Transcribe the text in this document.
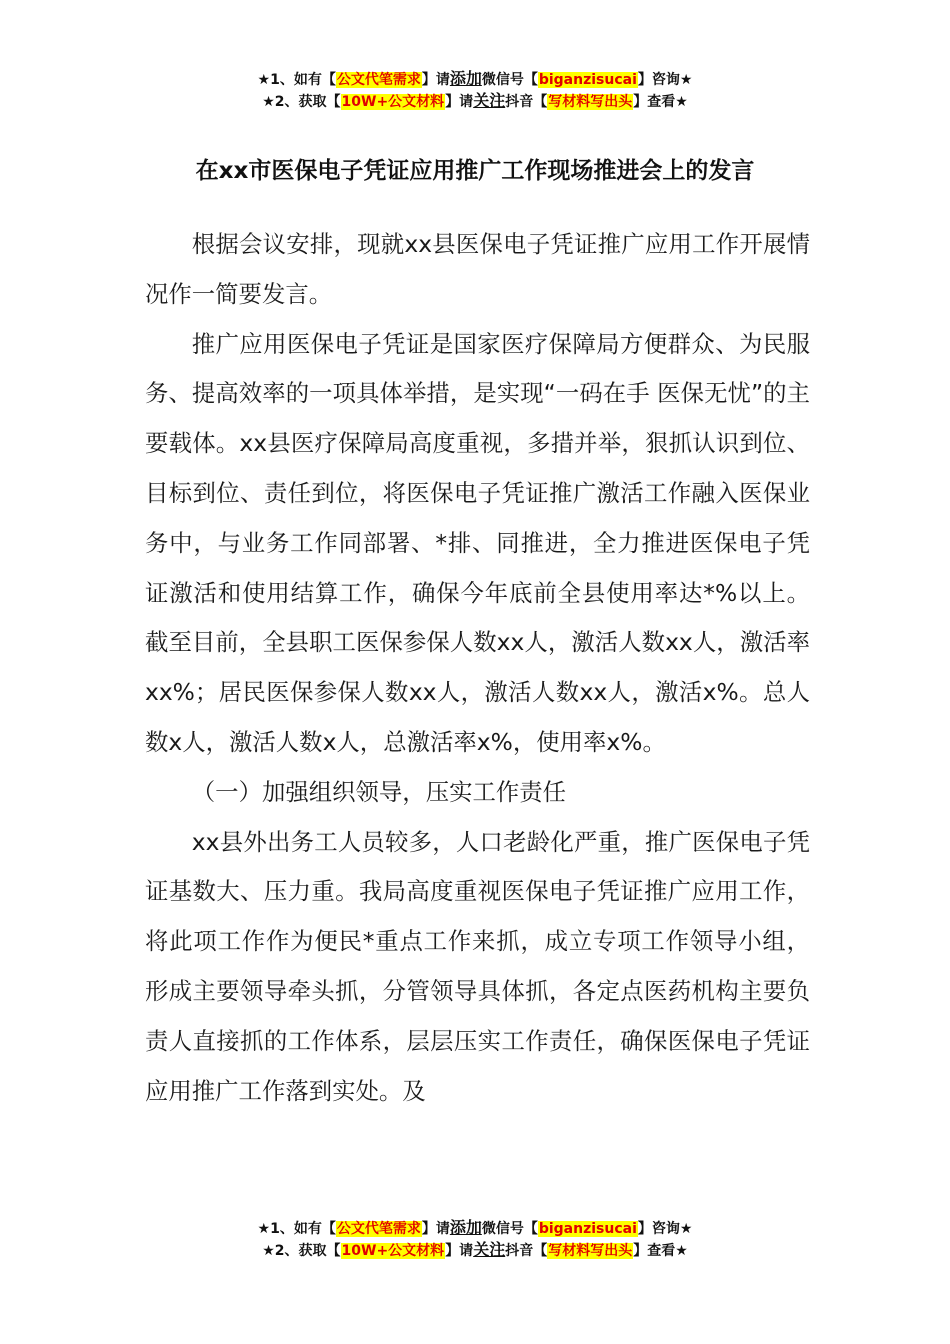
★1、如有【公文代笔需求】请添加微信号【biganzisucai】咨询★
★2、获取【10W+公文材料】请关注抖音【写材料写出头】查看★
在xx市医保电子凭证应用推广工作现场推进会上的发言

根据会议安排，现就xx县医保电子凭证推广应用工作开展情况作一简要发言。

推广应用医保电子凭证是国家医疗保障局方便群众、为民服务、提高效率的一项具体举措，是实现“一码在手 医保无忧”的主要载体。xx县医疗保障局高度重视，多措并举，狠抓认识到位、目标到位、责任到位，将医保电子凭证推广激活工作融入医保业务中，与业务工作同部署、*排、同推进，全力推进医保电子凭证激活和使用结算工作，确保今年底前全县使用率达*%以上。截至目前，全县职工医保参保人数xx人，激活人数xx人，激活率xx%；居民医保参保人数xx人，激活人数xx人，激活x%。总人数x人，激活人数x人，总激活率x%，使用率x%。

（一）加强组织领导，压实工作责任

xx县外出务工人员较多，人口老龄化严重，推广医保电子凭证基数大、压力重。我局高度重视医保电子凭证推广应用工作，将此项工作作为便民*重点工作来抓，成立专项工作领导小组，形成主要领导牵头抓，分管领导具体抓，各定点医药机构主要负责人直接抓的工作体系，层层压实工作责任，确保医保电子凭证应用推广工作落到实处。及

★1、如有【公文代笔需求】请添加微信号【biganzisucai】咨询★
★2、获取【10W+公文材料】请关注抖音【写材料写出头】查看★
